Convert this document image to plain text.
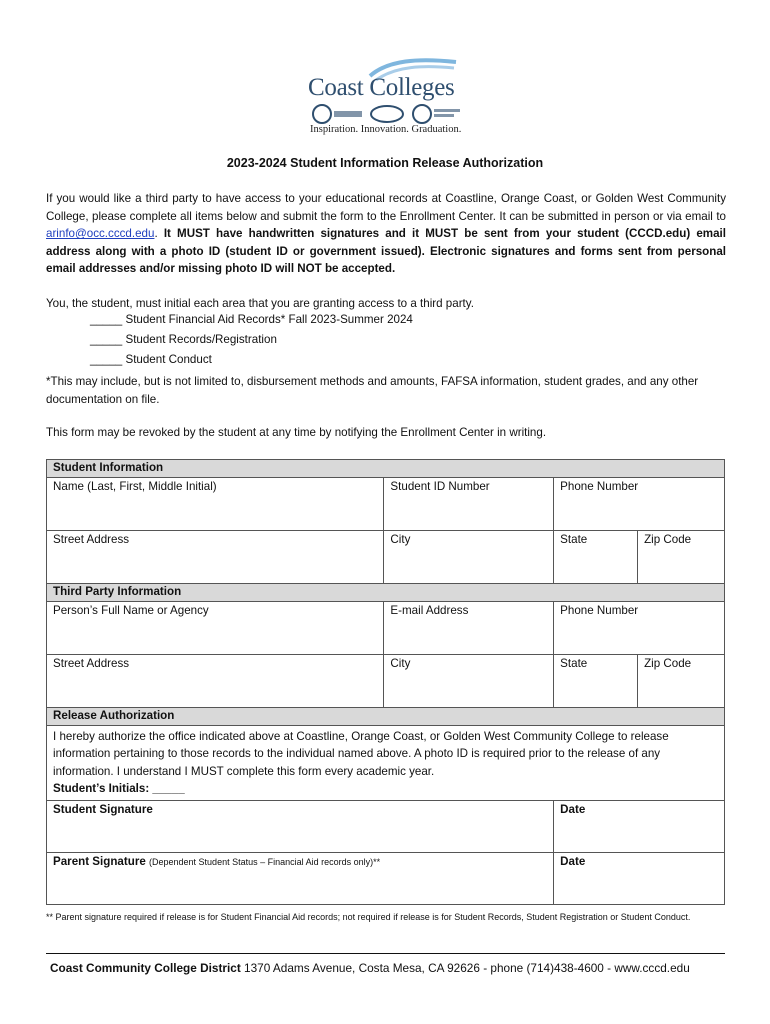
Coast Colleges
Inspiration. Innovation. Graduation.
2023-2024 Student Information Release Authorization
If you would like a third party to have access to your educational records at Coastline, Orange Coast, or Golden West Community College, please complete all items below and submit the form to the Enrollment Center. It can be submitted in person or via email to arinfo@occ.cccd.edu. It MUST have handwritten signatures and it MUST be sent from your student (CCCD.edu) email address along with a photo ID (student ID or government issued). Electronic signatures and forms sent from personal email addresses and/or missing photo ID will NOT be accepted.
You, the student, must initial each area that you are granting access to a third party.
_____ Student Financial Aid Records* Fall 2023-Summer 2024
_____ Student Records/Registration
_____ Student Conduct
*This may include, but is not limited to, disbursement methods and amounts, FAFSA information, student grades, and any other documentation on file.
This form may be revoked by the student at any time by notifying the Enrollment Center in writing.
Student Information			
Name (Last, First, Middle Initial)	Student ID Number	Phone Number	
Street Address	City	State	Zip Code
Third Party Information			
Person’s Full Name or Agency	E-mail Address	Phone Number	
Street Address	City	State	Zip Code
Release Authorization			

I hereby authorize the office indicated above at Coastline, Orange Coast, or Golden West Community College to release information pertaining to those records to the individual named above. A photo ID is required prior to the release of any information. I understand I MUST complete this form every academic year.
Student’s Initials: _____			

Student Signature		Date	
Parent Signature (Dependent Student Status – Financial Aid records only)**		Date	
** Parent signature required if release is for Student Financial Aid records; not required if release is for Student Records, Student Registration or Student Conduct.
Coast Community College District 1370 Adams Avenue, Costa Mesa, CA 92626 - phone (714)438-4600 - www.cccd.edu
